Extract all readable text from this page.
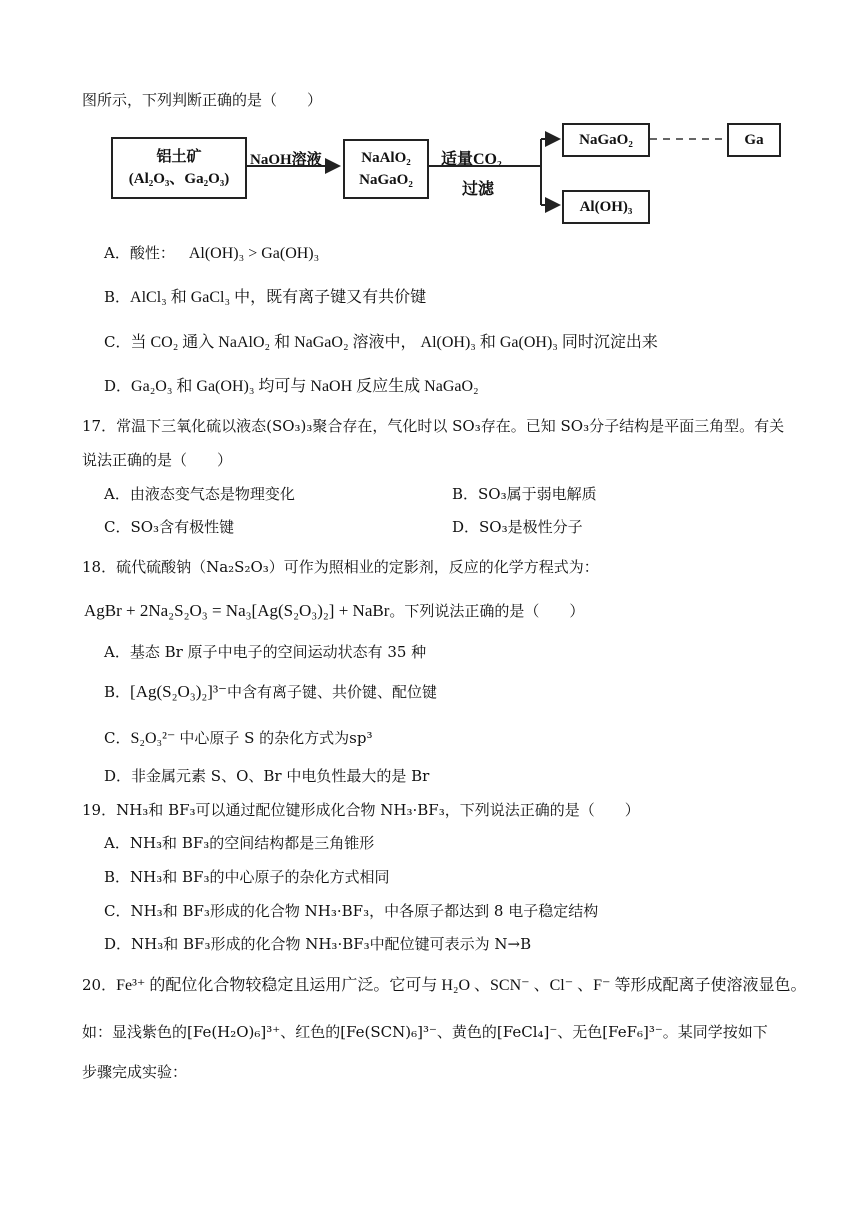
图所示，下列判断正确的是（　　）
铝土矿
(Al₂O₃、Ga₂O₃)
NaOH溶液	NaAlO₂
NaGaO₂
适量CO₂
过滤
NaGaO₂	Ga
Al(OH)₃
A．酸性： Al(OH)₃ > Ga(OH)₃
B．AlCl₃ 和 GaCl₃ 中，既有离子键又有共价键
C．当 CO₂ 通入 NaAlO₂ 和 NaGaO₂ 溶液中， Al(OH)₃ 和 Ga(OH)₃ 同时沉淀出来
D．Ga₂O₃ 和 Ga(OH)₃ 均可与 NaOH 反应生成 NaGaO₂
17．常温下三氧化硫以液态(SO₃)₃聚合存在，气化时以 SO₃存在。已知 SO₃分子结构是平面三角型。有关
说法正确的是（　　）
A．由液态变气态是物理变化	B．SO₃属于弱电解质
C．SO₃含有极性键	D．SO₃是极性分子
18．硫代硫酸钠（Na₂S₂O₃）可作为照相业的定影剂，反应的化学方程式为：
AgBr + 2Na₂S₂O₃ = Na₃[Ag(S₂O₃)₂] + NaBr。下列说法正确的是（　　）
A．基态 Br 原子中电子的空间运动状态有 35 种
B．[Ag(S₂O₃)₂]³⁻中含有离子键、共价键、配位键
C．S₂O₃²⁻ 中心原子 S 的杂化方式为sp³
D．非金属元素 S、O、Br 中电负性最大的是 Br
19．NH₃和 BF₃可以通过配位键形成化合物 NH₃·BF₃，下列说法正确的是（　　）
A．NH₃和 BF₃的空间结构都是三角锥形
B．NH₃和 BF₃的中心原子的杂化方式相同
C．NH₃和 BF₃形成的化合物 NH₃·BF₃，中各原子都达到 8 电子稳定结构
D．NH₃和 BF₃形成的化合物 NH₃·BF₃中配位键可表示为 N→B
20．Fe³⁺ 的配位化合物较稳定且运用广泛。它可与 H₂O 、SCN⁻ 、Cl⁻ 、F⁻ 等形成配离子使溶液显色。
如：显浅紫色的[Fe(H₂O)₆]³⁺、红色的[Fe(SCN)₆]³⁻、黄色的[FeCl₄]⁻、无色[FeF₆]³⁻。某同学按如下
步骤完成实验：
